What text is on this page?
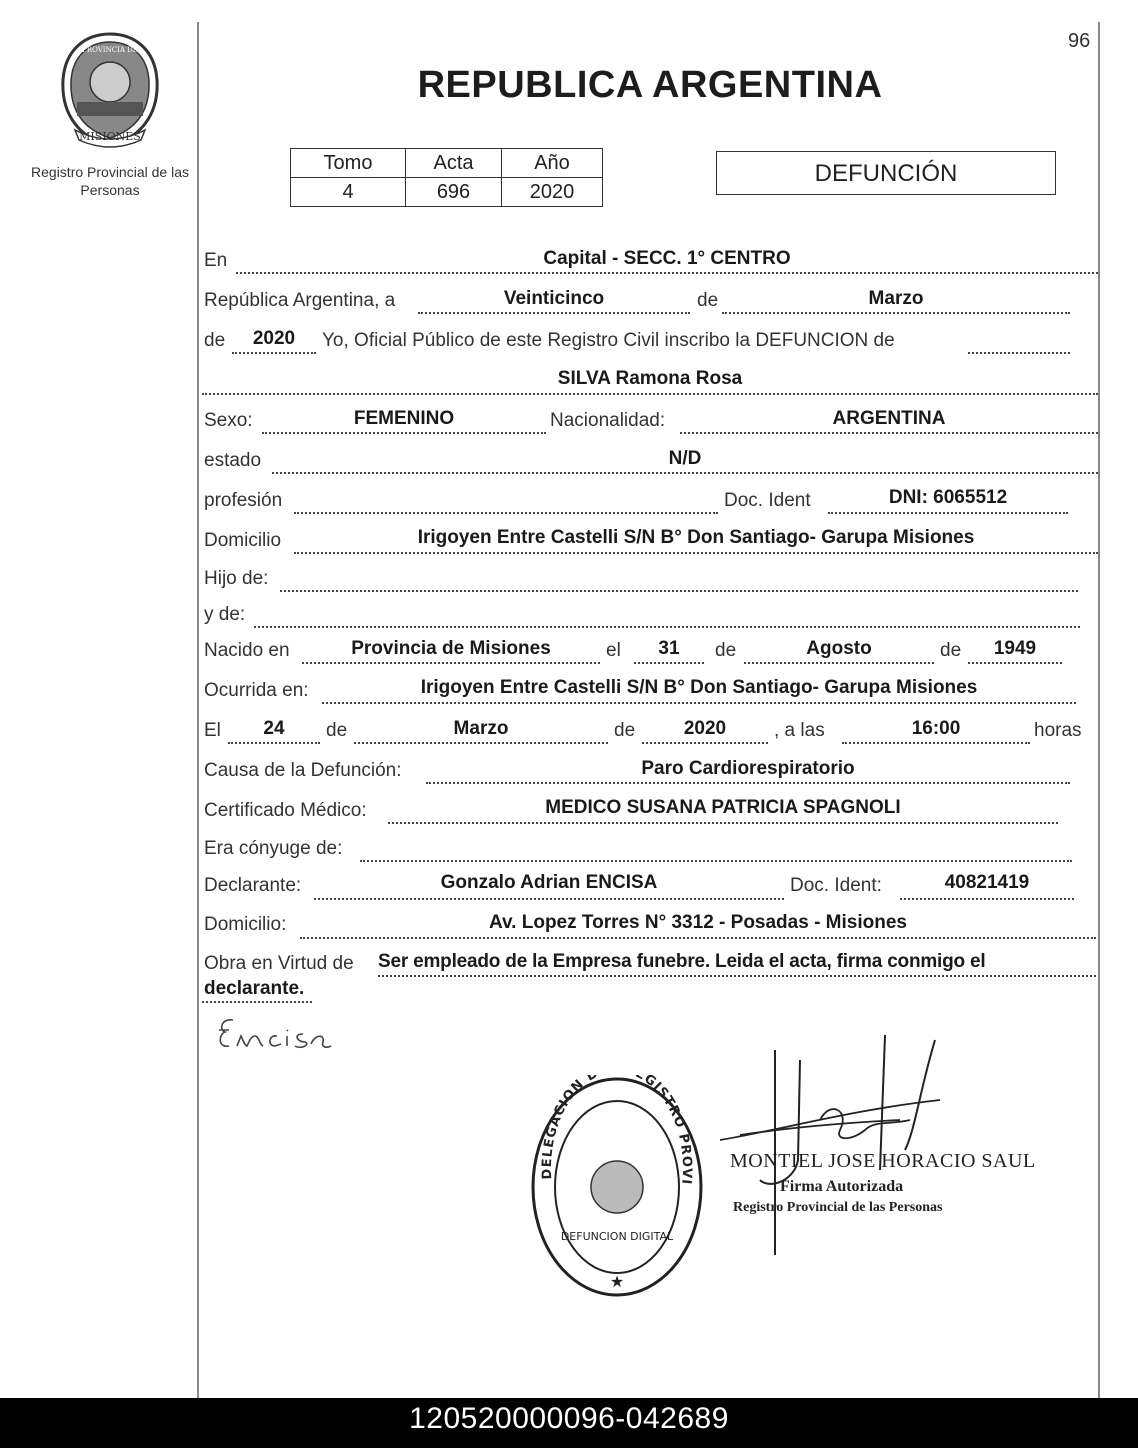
MISIONES
PROVINCIA DE
Registro Provincial de las Personas
96
REPUBLICA ARGENTINA
Tomo	Acta	Año
4	696	2020
DEFUNCIÓN
En	Capital - SECC. 1° CENTRO
República Argentina, a	Veinticinco	de	Marzo
de	2020	Yo, Oficial Público de este Registro Civil inscribo la DEFUNCION de
SILVA Ramona Rosa
Sexo:	FEMENINO	Nacionalidad:	ARGENTINA
estado	N/D
profesión	Doc. Ident	DNI: 6065512
Domicilio	Irigoyen Entre Castelli S/N B° Don Santiago- Garupa Misiones
Hijo de:
y de:
Nacido en	Provincia de Misiones	el	31	de	Agosto	de	1949
Ocurrida en:	Irigoyen Entre Castelli S/N B° Don Santiago- Garupa Misiones
El	24	de	Marzo	de	2020	, a las	16:00	horas
Causa de la Defunción:	Paro Cardiorespiratorio
Certificado Médico:	MEDICO SUSANA PATRICIA SPAGNOLI
Era cónyuge de:
Declarante:	Gonzalo Adrian ENCISA	Doc. Ident:	40821419
Domicilio:	Av. Lopez Torres N° 3312 - Posadas - Misiones
Obra en Virtud de Ser empleado de la Empresa funebre. Leida el acta, firma conmigo el
declarante.
DELEGACION D GISTRO PROVI
DEFUNCION DIGITAL
★
MONTIEL JOSE HORACIO SAUL
Firma Autorizada
Registro Provincial de las Personas
120520000096-042689
